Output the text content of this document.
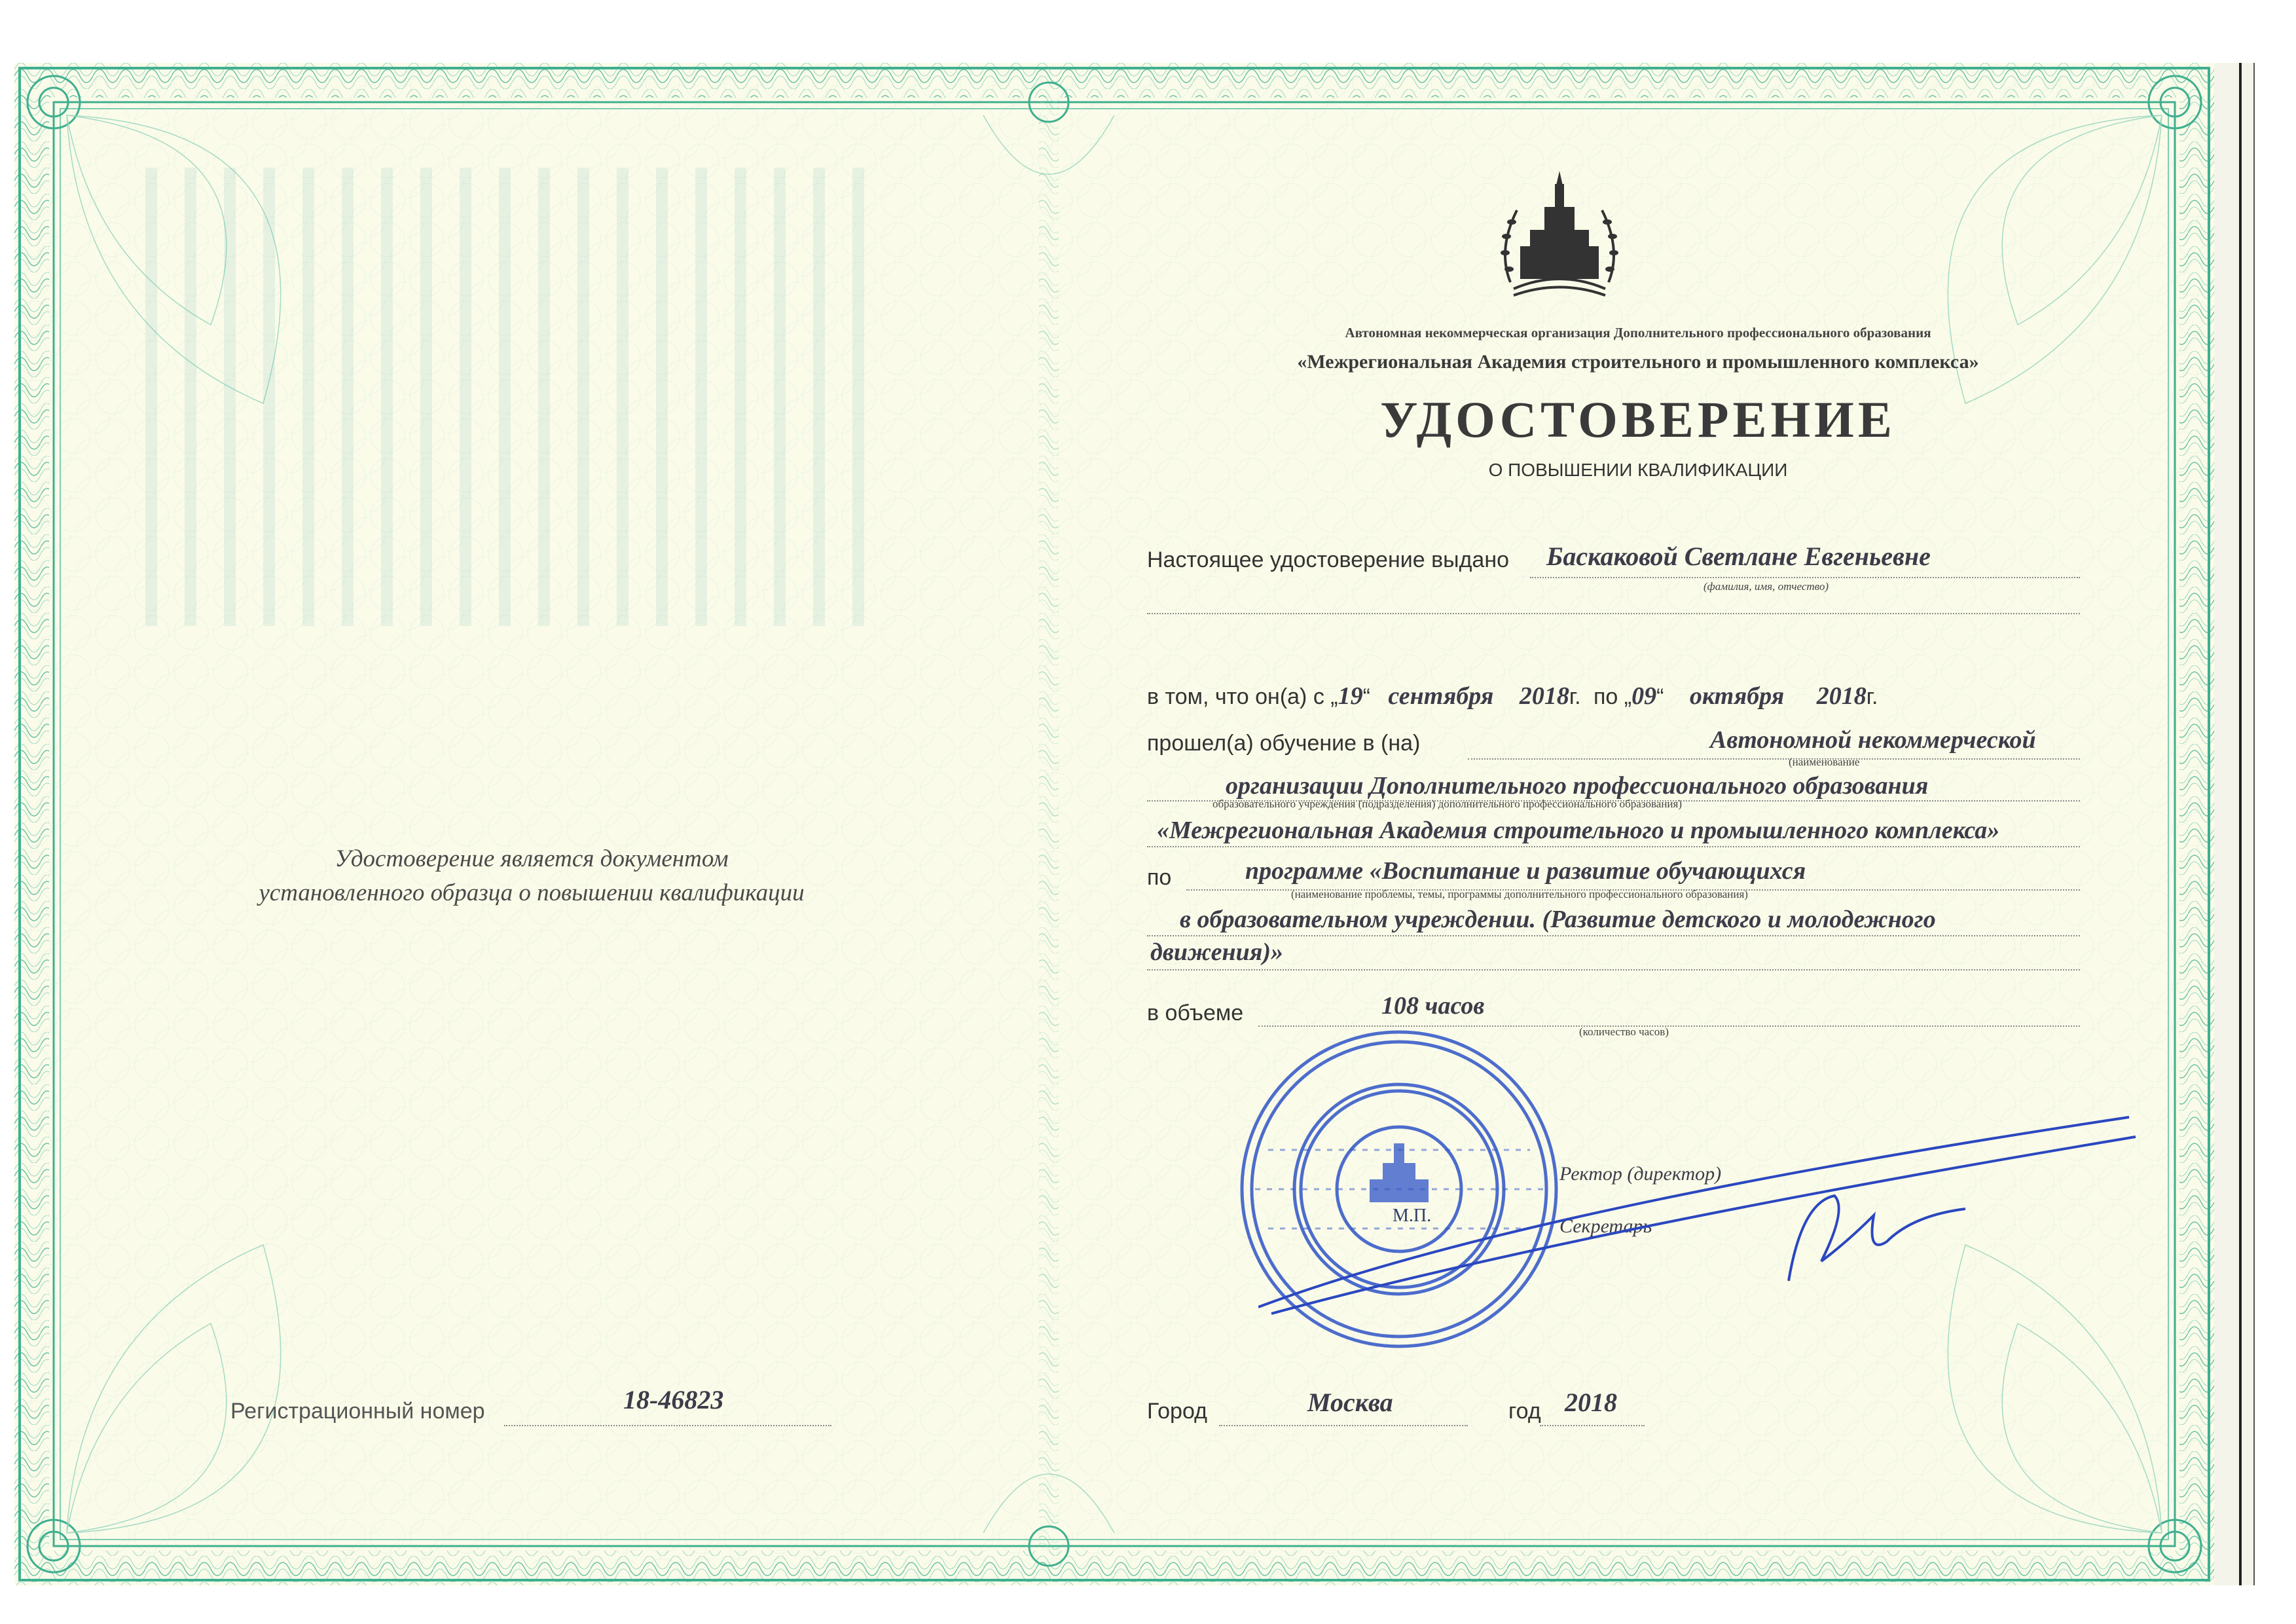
Удостоверение является документом
установленного образца о повышении квалификации
Регистрационный номер	18-46823
Автономная некоммерческая организация Дополнительного профессионального образования
«Межрегиональная Академия строительного и промышленного комплекса»
УДОСТОВЕРЕНИЕ
О ПОВЫШЕНИИ КВАЛИФИКАЦИИ
Настоящее удостоверение выдано Баскаковой Светлане Евгеньевне
(фамилия, имя, отчество)
в том, что он(а) с „19“ сентября 2018г. по „09“ октября 2018г.
прошел(а) обучение в (на)	Автономной некоммерческой
(наименование
организации Дополнительного профессионального образования
образовательного учреждения (подразделения) дополнительного профессионального образования)
«Межрегиональная Академия строительного и промышленного комплекса»
по	программе «Воспитание и развитие обучающихся
(наименование проблемы, темы, программы дополнительного профессионального образования)
в образовательном учреждении. (Развитие детского и молодежного
движения)»
в объеме	108 часов
(количество часов)
М.П.
Ректор (директор)
Секретарь
Город	Москва	год 2018
